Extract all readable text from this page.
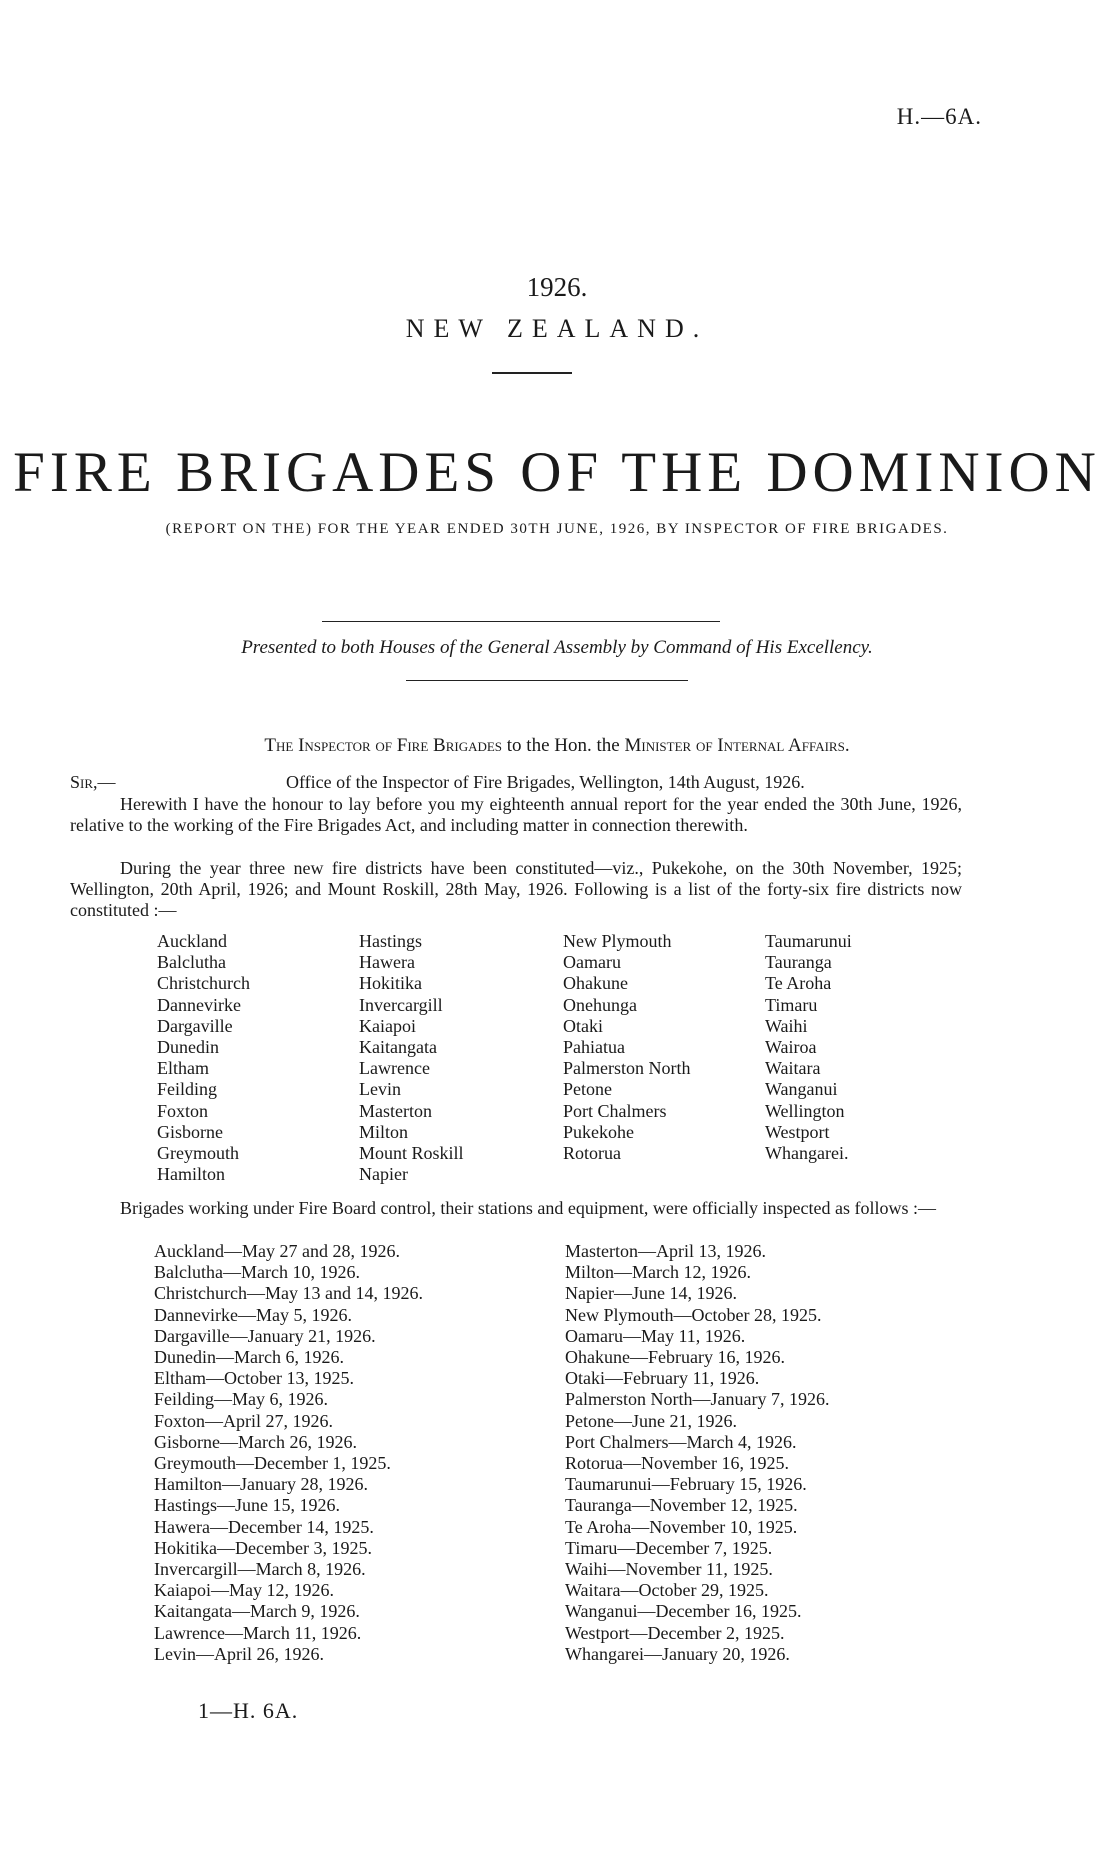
H.—6A.
1926.
NEW ZEALAND.
FIRE BRIGADES OF THE DOMINION
(REPORT ON THE) FOR THE YEAR ENDED 30TH JUNE, 1926, BY INSPECTOR OF FIRE BRIGADES.
Presented to both Houses of the General Assembly by Command of His Excellency.
The Inspector of Fire Brigades to the Hon. the Minister of Internal Affairs.
Sir,—	Office of the Inspector of Fire Brigades, Wellington, 14th August, 1926.
Herewith I have the honour to lay before you my eighteenth annual report for the year ended the 30th June, 1926, relative to the working of the Fire Brigades Act, and including matter in connection therewith.
During the year three new fire districts have been constituted—viz., Pukekohe, on the 30th November, 1925; Wellington, 20th April, 1926; and Mount Roskill, 28th May, 1926. Following is a list of the forty-six fire districts now constituted :—
Auckland
Balclutha
Christchurch
Dannevirke
Dargaville
Dunedin
Eltham
Feilding
Foxton
Gisborne
Greymouth
Hamilton
Hastings
Hawera
Hokitika
Invercargill
Kaiapoi
Kaitangata
Lawrence
Levin
Masterton
Milton
Mount Roskill
Napier
New Plymouth
Oamaru
Ohakune
Onehunga
Otaki
Pahiatua
Palmerston North
Petone
Port Chalmers
Pukekohe
Rotorua
Taumarunui
Tauranga
Te Aroha
Timaru
Waihi
Wairoa
Waitara
Wanganui
Wellington
Westport
Whangarei.
Brigades working under Fire Board control, their stations and equipment, were officially inspected as follows :—
Auckland—May 27 and 28, 1926.
Balclutha—March 10, 1926.
Christchurch—May 13 and 14, 1926.
Dannevirke—May 5, 1926.
Dargaville—January 21, 1926.
Dunedin—March 6, 1926.
Eltham—October 13, 1925.
Feilding—May 6, 1926.
Foxton—April 27, 1926.
Gisborne—March 26, 1926.
Greymouth—December 1, 1925.
Hamilton—January 28, 1926.
Hastings—June 15, 1926.
Hawera—December 14, 1925.
Hokitika—December 3, 1925.
Invercargill—March 8, 1926.
Kaiapoi—May 12, 1926.
Kaitangata—March 9, 1926.
Lawrence—March 11, 1926.
Levin—April 26, 1926.
Masterton—April 13, 1926.
Milton—March 12, 1926.
Napier—June 14, 1926.
New Plymouth—October 28, 1925.
Oamaru—May 11, 1926.
Ohakune—February 16, 1926.
Otaki—February 11, 1926.
Palmerston North—January 7, 1926.
Petone—June 21, 1926.
Port Chalmers—March 4, 1926.
Rotorua—November 16, 1925.
Taumarunui—February 15, 1926.
Tauranga—November 12, 1925.
Te Aroha—November 10, 1925.
Timaru—December 7, 1925.
Waihi—November 11, 1925.
Waitara—October 29, 1925.
Wanganui—December 16, 1925.
Westport—December 2, 1925.
Whangarei—January 20, 1926.
1—H. 6A.
